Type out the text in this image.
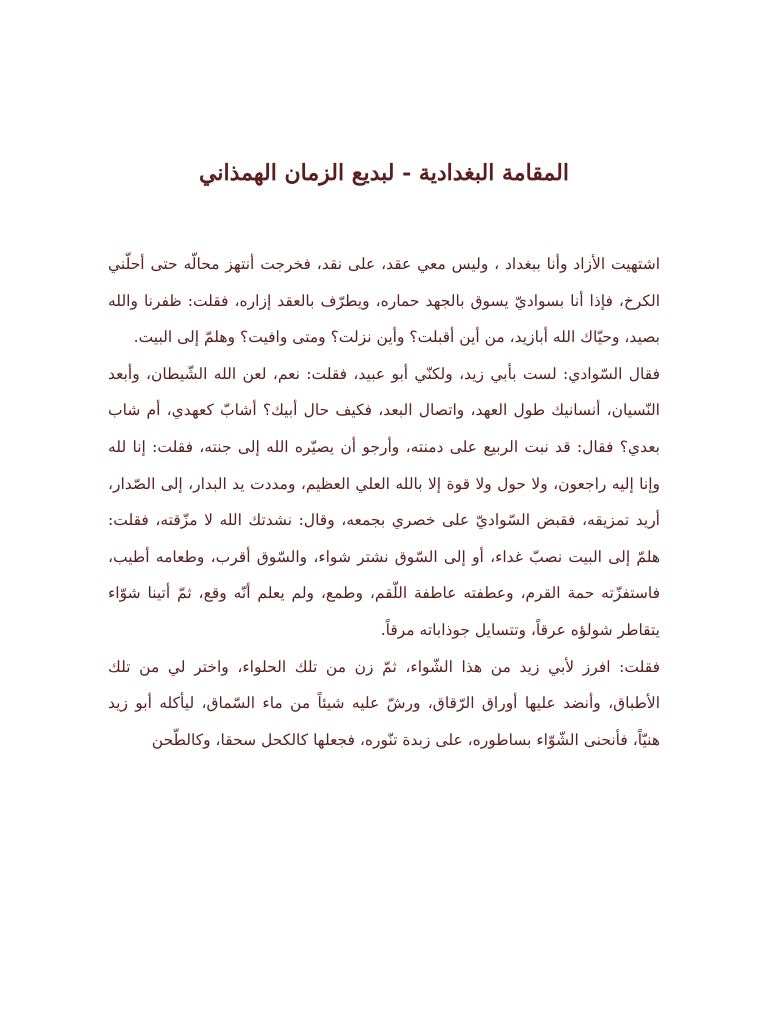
المقامة البغدادية - لبديع الزمان الهمذاني

اشتهيت الأزاد وأنا ببغداد ، وليس معي عقد، على نقد، فخرجت أنتهز محالّه حتى أحلّني الكرخ، فإذا أنا بسواديّ يسوق بالجهد حماره، ويطرّف بالعقد إزاره، فقلت: ظفرنا والله بصيد، وحيّاك الله أبازيد، من أين أقبلت؟ وأين نزلت؟ ومتى وافيت؟ وهلمّ إلى البيت.

فقال السّوادي: لست بأبي زيد، ولكنّي أبو عبيد، فقلت: نعم، لعن الله الشّيطان، وأبعد النّسيان، أنسانيك طول العهد، واتصال البعد، فكيف حال أبيك؟ أشابّ كعهدي، أم شاب بعدي؟ فقال: قد نبت الربيع على دمنته، وأرجو أن يصيّره الله إلى جنته، فقلت: إنا لله وإنا إليه راجعون، ولا حول ولا قوة إلا بالله العلي العظيم، ومددت يد البدار، إلى الصّدار، أريد تمزيقه، فقبض السّواديّ على خصري بجمعه، وقال: نشدتك الله لا مزّقته، فقلت: هلمّ إلى البيت نصبّ غداء، أو إلى السّوق نشتر شواء، والسّوق أقرب، وطعامه أطيب، فاستفزّته حمة القرم، وعطفته عاطفة اللّقم، وطمع، ولم يعلم أنّه وقع، ثمّ أتينا شوّاء يتقاطر شولؤه عرقاً، وتتسايل جوذاباته مرقاً.

فقلت: افرز لأبي زيد من هذا الشّواء، ثمّ زن من تلك الحلواء، واختر لي من تلك الأطباق، وأنضد عليها أوراق الرّقاق، ورشّ عليه شيئاً من ماء السّماق، ليأكله أبو زيد هنيّاً، فأنحنى الشّوّاء بساطوره، على زبدة تنّوره، فجعلها كالكحل سحقا، وكالطّحن
